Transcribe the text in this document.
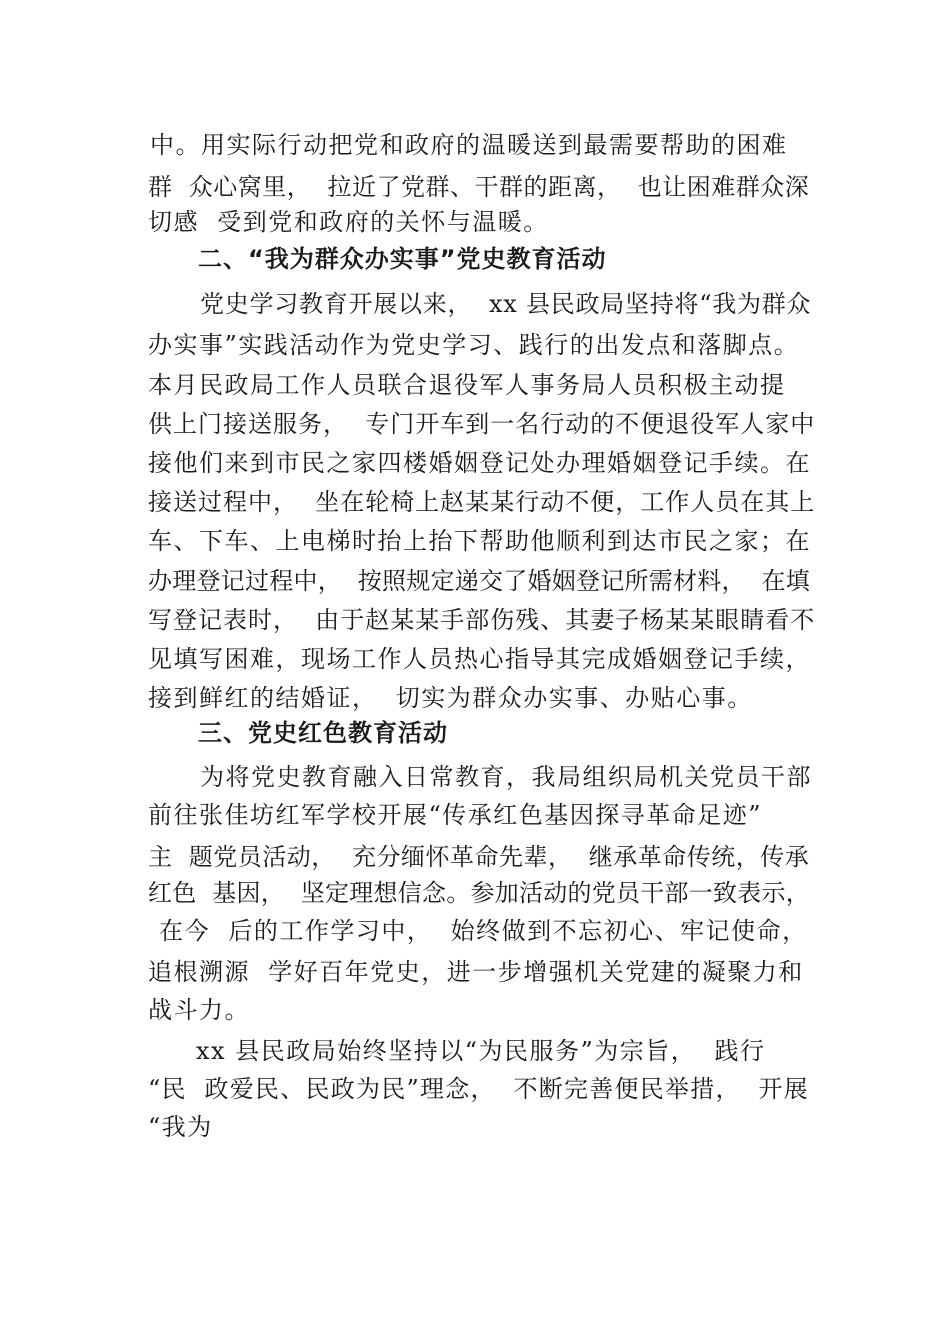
中。用实际行动把党和政府的温暖送到最需要帮助的困难
群  众心窝里，  拉近了党群、干群的距离，  也让困难群众深
切感  受到党和政府的关怀与温暖。
二、“我为群众办实事”党史教育活动
党史学习教育开展以来，  xx 县民政局坚持将“我为群众
办实事”实践活动作为党史学习、践行的出发点和落脚点。
本月民政局工作人员联合退役军人事务局人员积极主动提
供上门接送服务，  专门开车到一名行动的不便退役军人家中
接他们来到市民之家四楼婚姻登记处办理婚姻登记手续。在
接送过程中，  坐在轮椅上赵某某行动不便，工作人员在其上
车、下车、上电梯时抬上抬下帮助他顺利到达市民之家；在
办理登记过程中，  按照规定递交了婚姻登记所需材料，  在填
写登记表时，  由于赵某某手部伤残、其妻子杨某某眼睛看不
见填写困难，现场工作人员热心指导其完成婚姻登记手续，
接到鲜红的结婚证，  切实为群众办实事、办贴心事。
三、党史红色教育活动
为将党史教育融入日常教育，我局组织局机关党员干部
前往张佳坊红军学校开展“传承红色基因探寻革命足迹”
主  题党员活动，  充分缅怀革命先辈，  继承革命传统，传承
红色  基因，  坚定理想信念。参加活动的党员干部一致表示，
在今  后的工作学习中，  始终做到不忘初心、牢记使命，
追根溯源  学好百年党史，进一步增强机关党建的凝聚力和
战斗力。
xx 县民政局始终坚持以“为民服务”为宗旨，  践行
“民  政爱民、民政为民”理念，  不断完善便民举措，  开展
“我为
